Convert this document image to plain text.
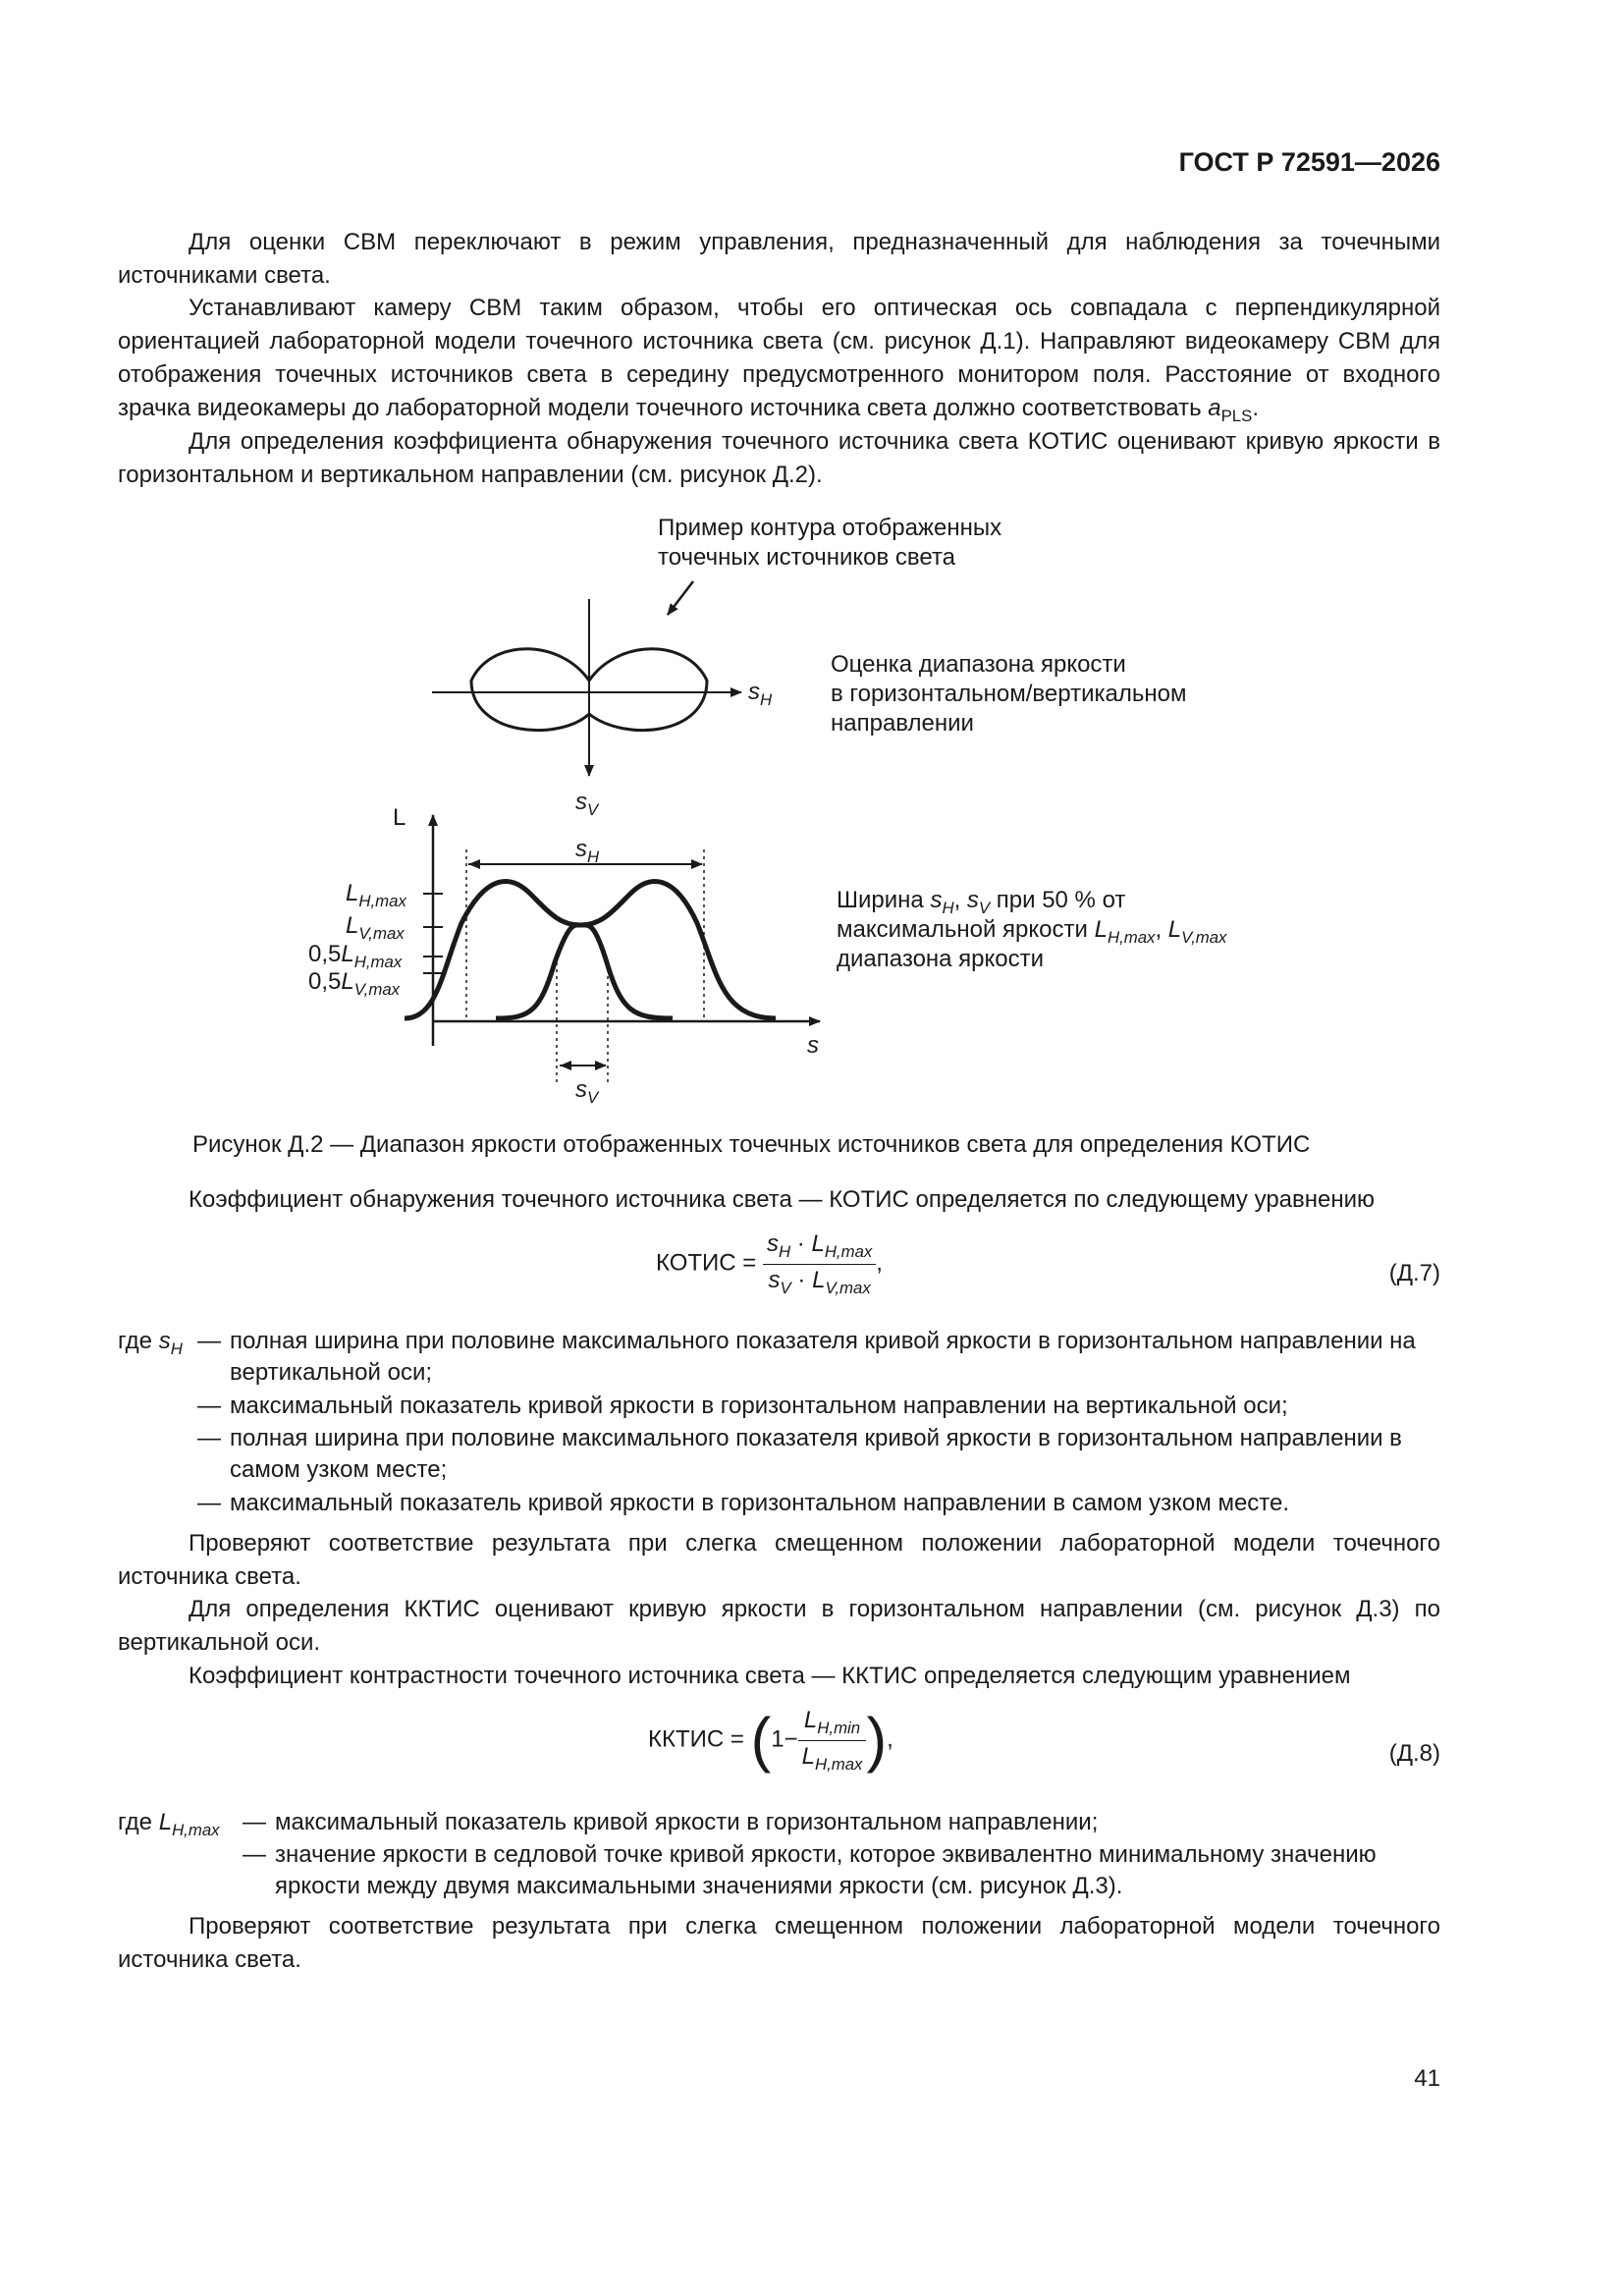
ГОСТ Р 72591—2026
Для оценки СВМ переключают в режим управления, предназначенный для наблюдения за точечными источниками света.
Устанавливают камеру СВМ таким образом, чтобы его оптическая ось совпадала с перпендикулярной ориентацией лабораторной модели точечного источника света (см. рисунок Д.1). Направляют видеокамеру СВМ для отображения точечных источников света в середину предусмотренного монитором поля. Расстояние от входного зрачка видеокамеры до лабораторной модели точечного источника света должно соответствовать $a_{PLS}$.
Для определения коэффициента обнаружения точечного источника света КОТИС оценивают кривую яркости в горизонтальном и вертикальном направлении (см. рисунок Д.2).
Пример контура отображенных
точечных источников света
Оценка диапазона яркости
в горизонтальном/вертикальном
направлении
$s_H$
$s_V$
L
s
$s_H$
$s_V$
$L_{H,max}$
$L_{V,max}$
$0,5L_{H,max}$
$0,5L_{V,max}$
Ширина $s_H$, $s_V$ при 50 % от
максимальной яркости $L_{H,max}$, $L_{V,max}$
диапазона яркости
Рисунок Д.2 — Диапазон яркости отображенных точечных источников света для определения КОТИС
Коэффициент обнаружения точечного источника света — КОТИС определяется по следующему уравнению
КОТИС = $\frac{s_H \cdot L_{H,max}}{s_V \cdot L_{V,max}}$ ,	(Д.7)
где $s_H$ — полная ширина при половине максимального показателя кривой яркости в горизонтальном направлении на вертикальной оси;
— максимальный показатель кривой яркости в горизонтальном направлении на вертикальной оси;
— полная ширина при половине максимального показателя кривой яркости в горизонтальном направлении в самом узком месте;
— максимальный показатель кривой яркости в горизонтальном направлении в самом узком месте.
Проверяют соответствие результата при слегка смещенном положении лабораторной модели точечного источника света.
Для определения ККТИС оценивают кривую яркости в горизонтальном направлении (см. рисунок Д.3) по вертикальной оси.
Коэффициент контрастности точечного источника света — ККТИС определяется следующим уравнением
ККТИС = ($1- \frac{L_{H,min}}{L_{H,max}}$ ),
(Д.8)
где $L_{H,max}$ — максимальный показатель кривой яркости в горизонтальном направлении;
— значение яркости в седловой точке кривой яркости, которое эквивалентно минимальному значению яркости между двумя максимальными значениями яркости (см. рисунок Д.3).
Проверяют соответствие результата при слегка смещенном положении лабораторной модели точечного источника света.
41
